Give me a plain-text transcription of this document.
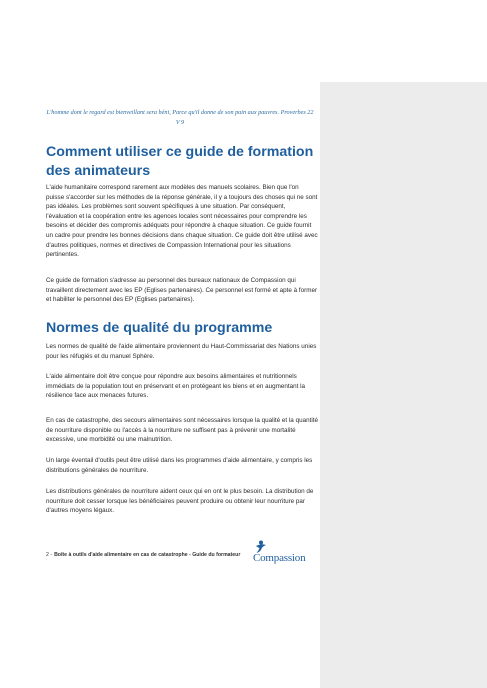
L'homme dont le regard est bienveillant sera béni, Parce qu'il donne de son pain aux pauvres. Proverbes 22 V 9
Comment utiliser ce guide de formation des animateurs

L'aide humanitaire correspond rarement aux modèles des manuels scolaires. Bien que l'on puisse s'accorder sur les méthodes de la réponse générale, il y a toujours des choses qui ne sont pas idéales. Les problèmes sont souvent spécifiques à une situation. Par conséquent, l'évaluation et la coopération entre les agences locales sont nécessaires pour comprendre les besoins et décider des compromis adéquats pour répondre à chaque situation. Ce guide fournit un cadre pour prendre les bonnes décisions dans chaque situation. Ce guide doit être utilisé avec d'autres politiques, normes et directives de Compassion International pour les situations pertinentes.

Ce guide de formation s'adresse au personnel des bureaux nationaux de Compassion qui travaillent directement avec les EP (Eglises partenaires). Ce personnel est formé et apte à former et habiliter le personnel des EP (Eglises partenaires).

Normes de qualité du programme

Les normes de qualité de l'aide alimentaire proviennent du Haut-Commissariat des Nations unies pour les réfugiés et du manuel Sphère.

L'aide alimentaire doit être conçue pour répondre aux besoins alimentaires et nutritionnels immédiats de la population tout en préservant et en protégeant les biens et en augmentant la résilience face aux menaces futures.

En cas de catastrophe, des secours alimentaires sont nécessaires lorsque la qualité et la quantité de nourriture disponible ou l'accès à la nourriture ne suffisent pas à prévenir une mortalité excessive, une morbidité ou une malnutrition.

Un large éventail d'outils peut être utilisé dans les programmes d'aide alimentaire, y compris les distributions générales de nourriture.

Les distributions générales de nourriture aident ceux qui en ont le plus besoin. La distribution de nourriture doit cesser lorsque les bénéficiaires peuvent produire ou obtenir leur nourriture par d'autres moyens légaux.

2 - Boîte à outils d'aide alimentaire en cas de catastrophe - Guide du formateur	Compassion
